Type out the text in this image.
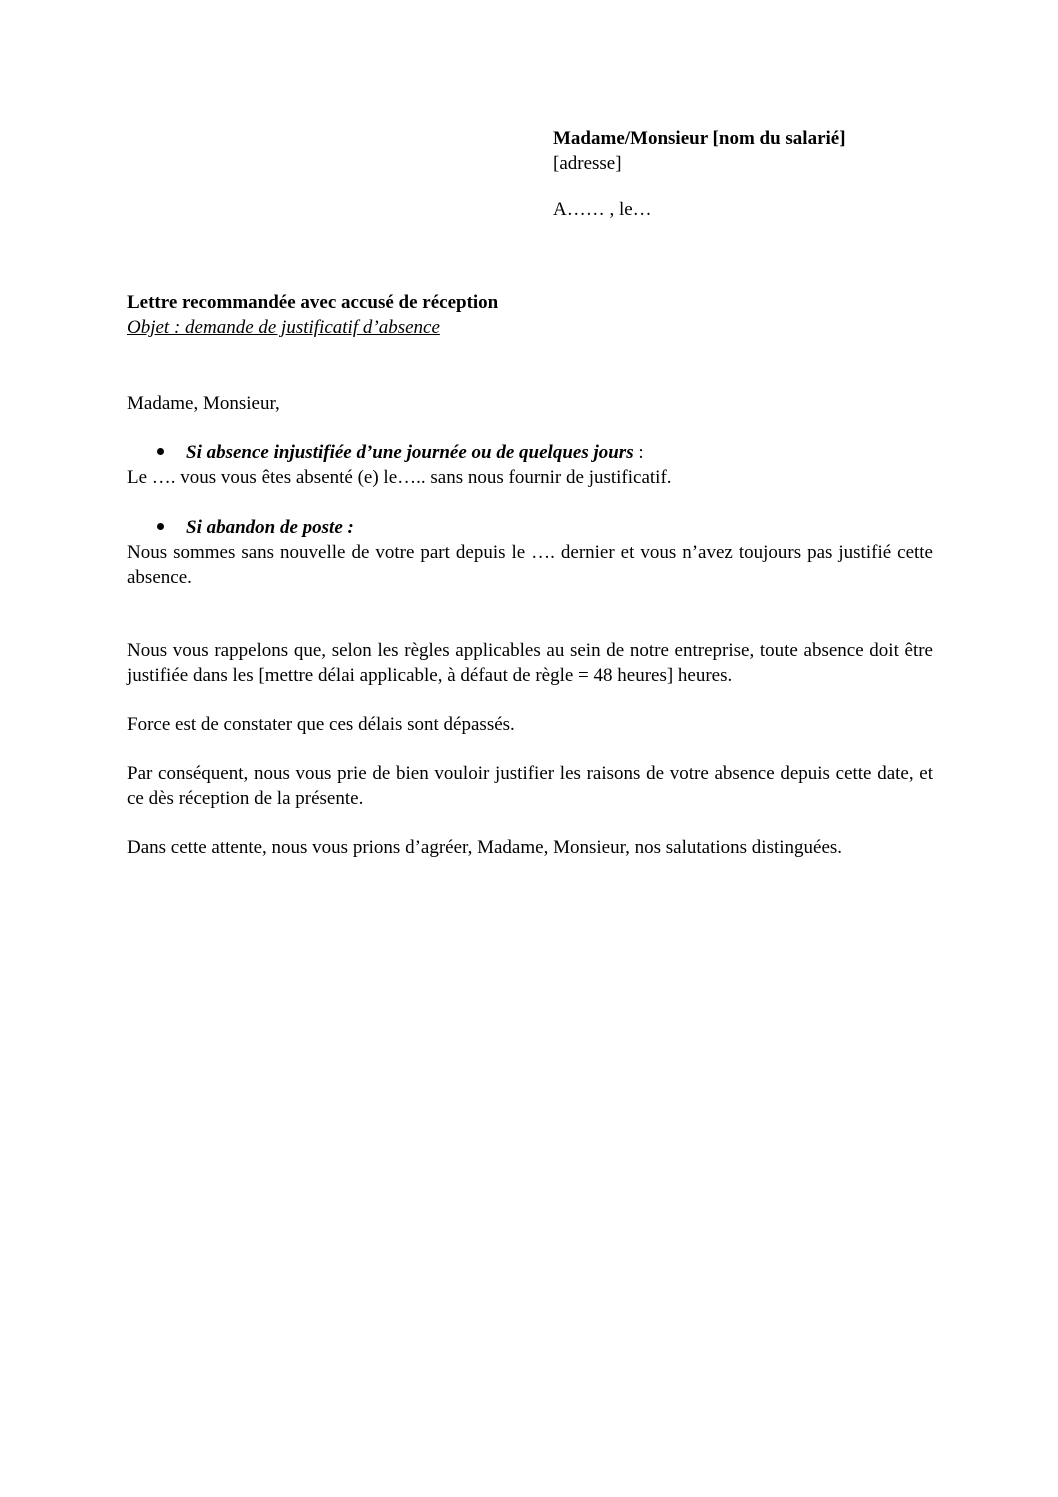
Madame/Monsieur [nom du salarié]
[adresse]
A…… , le…
Lettre recommandée avec accusé de réception
Objet : demande de justificatif d’absence
Madame, Monsieur,
Si absence injustifiée d’une journée ou de quelques jours :
Le …. vous vous êtes absenté (e) le….. sans nous fournir de justificatif.
Si abandon de poste :
Nous sommes sans nouvelle de votre part depuis le …. dernier et vous n’avez toujours pas justifié cette absence.
Nous vous rappelons que, selon les règles applicables au sein de notre entreprise, toute absence doit être justifiée dans les [mettre délai applicable, à défaut de règle = 48 heures] heures.
Force est de constater que ces délais sont dépassés.
Par conséquent, nous vous prie de bien vouloir justifier les raisons de votre absence depuis cette date, et ce dès réception de la présente.
Dans cette attente, nous vous prions d’agréer, Madame, Monsieur, nos salutations distinguées.
